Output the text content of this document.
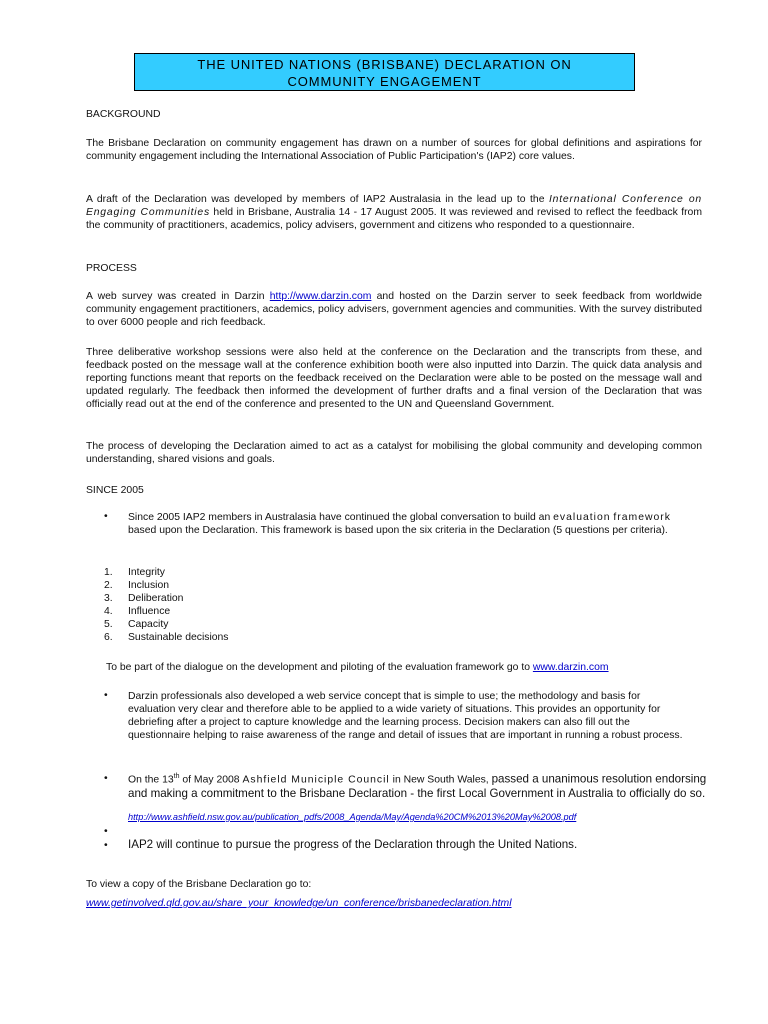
THE UNITED NATIONS (BRISBANE) DECLARATION ON
COMMUNITY ENGAGEMENT
BACKGROUND

The Brisbane Declaration on community engagement has drawn on a number of sources for global definitions and aspirations for community engagement including the International Association of Public Participation's (IAP2) core values.

A draft of the Declaration was developed by members of IAP2 Australasia in the lead up to the International Conference on Engaging Communities held in Brisbane, Australia 14 - 17 August 2005. It was reviewed and revised to reflect the feedback from the community of practitioners, academics, policy advisers, government and citizens who responded to a questionnaire.

PROCESS

A web survey was created in Darzin http://www.darzin.com and hosted on the Darzin server to seek feedback from worldwide community engagement practitioners, academics, policy advisers, government agencies and communities. With the survey distributed to over 6000 people and rich feedback.

Three deliberative workshop sessions were also held at the conference on the Declaration and the transcripts from these, and feedback posted on the message wall at the conference exhibition booth were also inputted into Darzin. The quick data analysis and reporting functions meant that reports on the feedback received on the Declaration were able to be posted on the message wall and updated regularly. The feedback then informed the development of further drafts and a final version of the Declaration that was officially read out at the end of the conference and presented to the UN and Queensland Government.

The process of developing the Declaration aimed to act as a catalyst for mobilising the global community and developing common understanding, shared visions and goals.

SINCE 2005
• Since 2005 IAP2 members in Australasia have continued the global conversation to build an evaluation framework based upon the Declaration. This framework is based upon the six criteria in the Declaration (5 questions per criteria).

1. Integrity
2. Inclusion
3. Deliberation
4. Influence
5. Capacity
6. Sustainable decisions

To be part of the dialogue on the development and piloting of the evaluation framework go to www.darzin.com

• Darzin professionals also developed a web service concept that is simple to use; the methodology and basis for evaluation very clear and therefore able to be applied to a wide variety of situations. This provides an opportunity for debriefing after a project to capture knowledge and the learning process. Decision makers can also fill out the questionnaire helping to raise awareness of the range and detail of issues that are important in running a robust process.

• On the 13th of May 2008 Ashfield Municiple Council in New South Wales, passed a unanimous resolution endorsing and making a commitment to the Brisbane Declaration - the first Local Government in Australia to officially do so.

http://www.ashfield.nsw.gov.au/publication_pdfs/2008_Agenda/May/Agenda%20CM%2013%20May%2008.pdf
•
• IAP2 will continue to pursue the progress of the Declaration through the United Nations.

To view a copy of the Brisbane Declaration go to:
www.getinvolved.qld.gov.au/share_your_knowledge/un_conference/brisbanedeclaration.html
